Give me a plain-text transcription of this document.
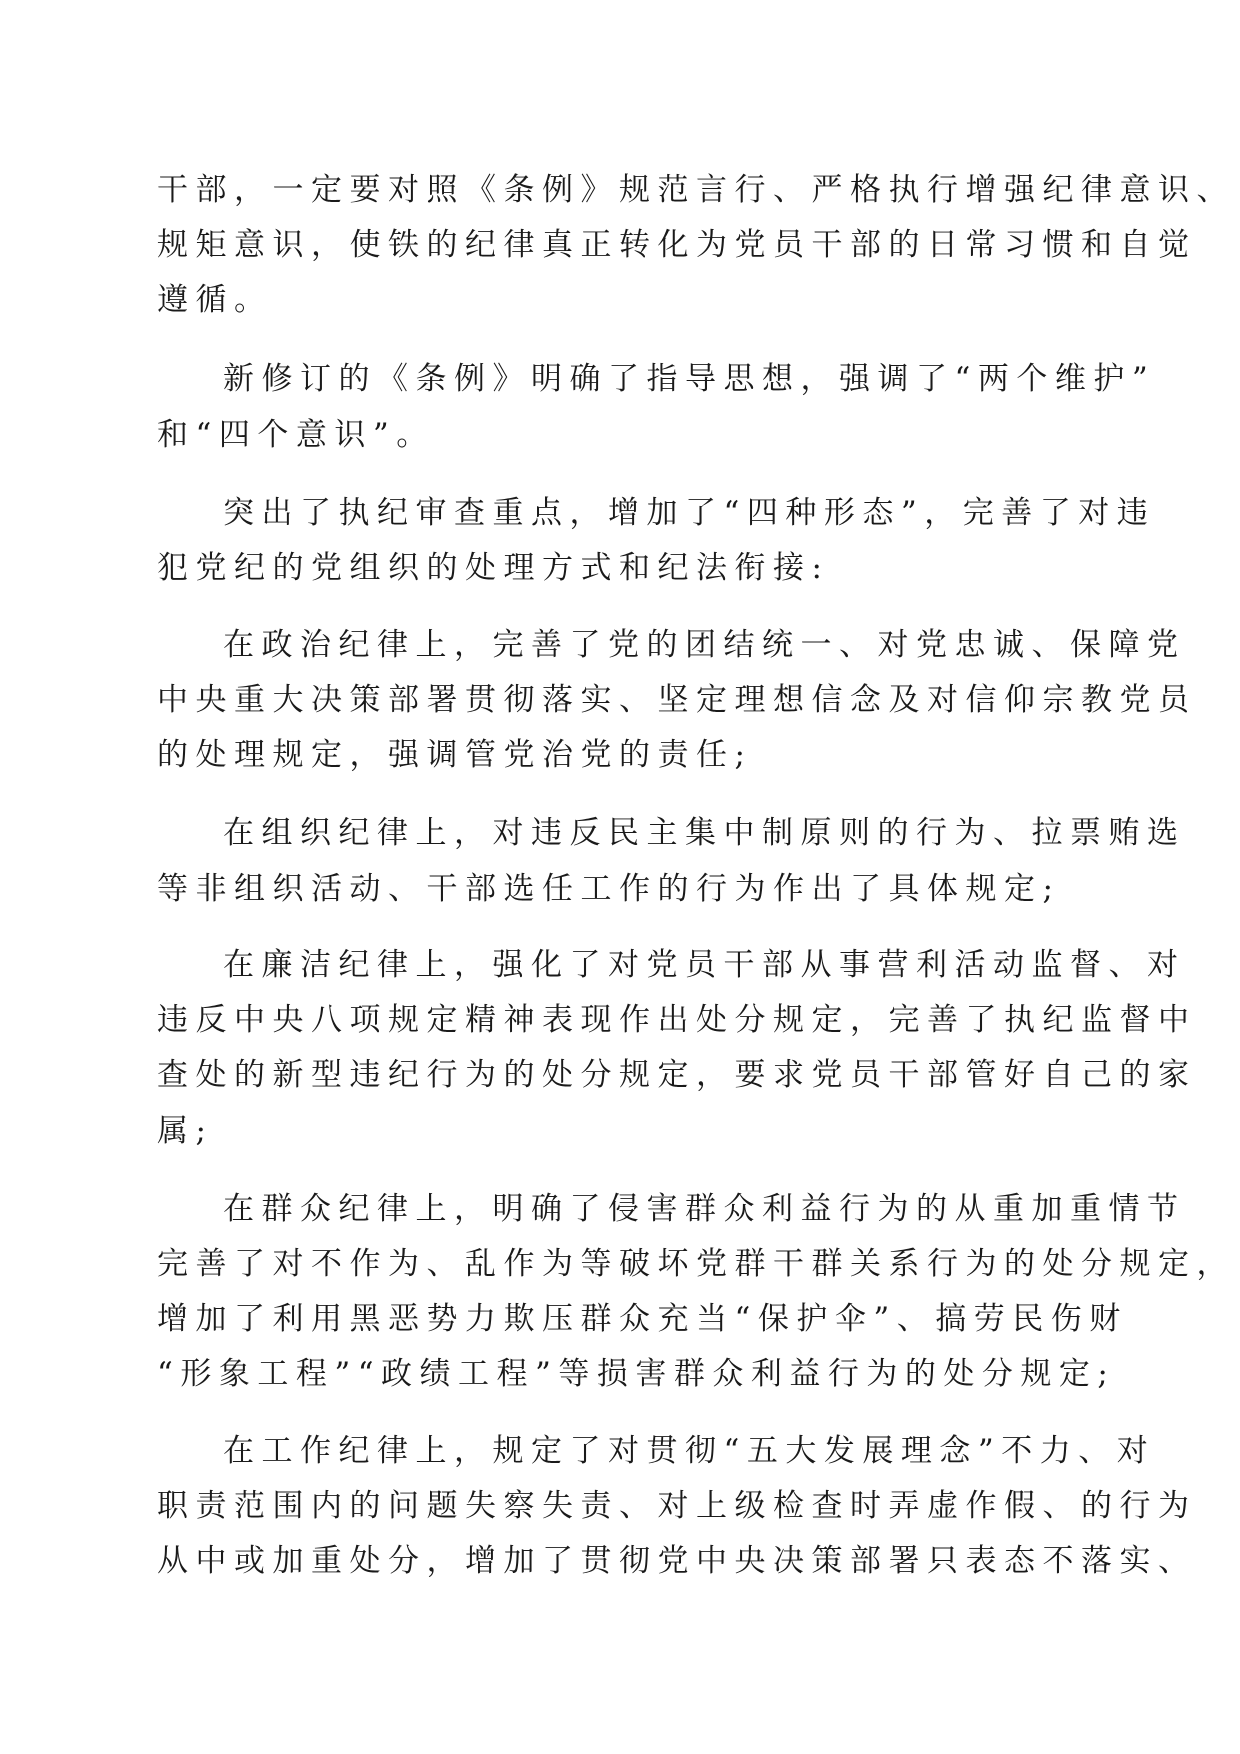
干部，一定要对照《条例》规范言行、严格执行增强纪律意识、

规矩意识，使铁的纪律真正转化为党员干部的日常习惯和自觉

遵循。

新修订的《条例》明确了指导思想，强调了“两个维护”

和“四个意识”。

突出了执纪审查重点，增加了“四种形态”，完善了对违

犯党纪的党组织的处理方式和纪法衔接:

在政治纪律上，完善了党的团结统一、对党忠诚、保障党

中央重大决策部署贯彻落实、坚定理想信念及对信仰宗教党员

的处理规定，强调管党治党的责任;

在组织纪律上，对违反民主集中制原则的行为、拉票贿选

等非组织活动、干部选任工作的行为作出了具体规定;

在廉洁纪律上，强化了对党员干部从事营利活动监督、对

违反中央八项规定精神表现作出处分规定，完善了执纪监督中

查处的新型违纪行为的处分规定，要求党员干部管好自己的家

属;

在群众纪律上，明确了侵害群众利益行为的从重加重情节

完善了对不作为、乱作为等破坏党群干群关系行为的处分规定，

增加了利用黑恶势力欺压群众充当“保护伞”、搞劳民伤财

“形象工程”“政绩工程”等损害群众利益行为的处分规定;

在工作纪律上，规定了对贯彻“五大发展理念”不力、对

职责范围内的问题失察失责、对上级检查时弄虚作假、的行为

从中或加重处分，增加了贯彻党中央决策部署只表态不落实、
